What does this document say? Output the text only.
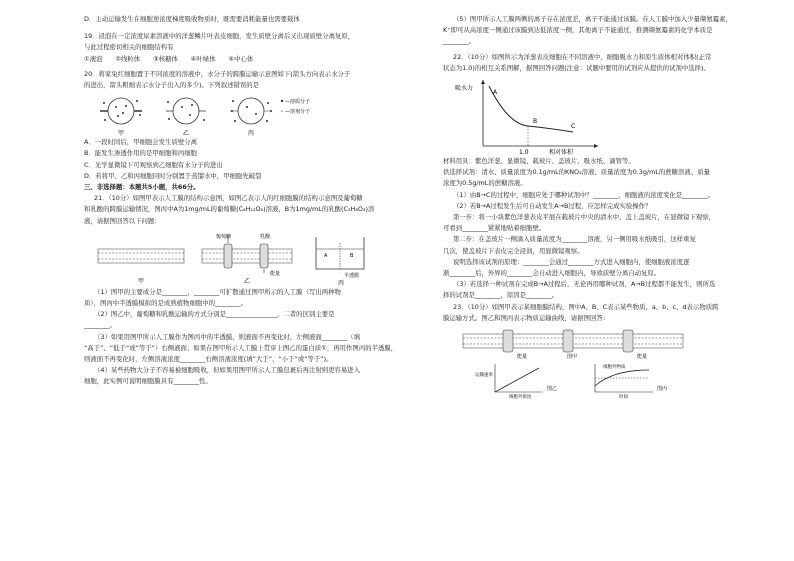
D．主动运输发生在细胞逆浓度梯度吸收物质时，既需要消耗能量也需要载体

19．浸泡在一定浓度尿素溶液中的洋葱鳞片叶表皮细胞，发生质壁分离后又出现质壁分离复原，

与此过程密切相关的细胞结构有

①液泡　　②线粒体　　③核糖体　　④叶绿体　　⑤中心体

20．将家兔红细胞置于不同浓度的溶液中，水分子的跨膜运输示意图如下(箭头方向表示水分子

的进出，箭头粗细表示水分子出入的多少)。下列叙述错误的是

甲	乙	丙
—溶质分子
—溶剂分子

A．一段时间后，甲细胞会发生质壁分离

B．能发生渗透作用的是甲细胞和丙细胞

C．光学显微镜下可观察到乙细胞有水分子的进出

D．若将甲、乙和丙细胞同时分别置于蒸馏水中，甲细胞先破裂

三、非选择题：本题共5小题，共66分。

21．（10分）如图甲表示人工膜的结构示意图，如图乙表示人的红细胞膜的结构示意图及葡萄糖

和乳酸的跨膜运输情况，图丙中A为1mg/mL的葡萄糖(C₆H₁₂O₆)溶液，B为1mg/mL的乳酸(C₃H₆O₃)溶

液，请据图回答以下问题：

甲
葡萄糖	乳酸
能量
乙
A	B
半透膜
丙

（1）图甲的主要成分是________，________可扩散通过图甲所示的人工膜（写出两种物

质），图丙中半透膜模拟的是成熟植物细胞中的________。

（2）图乙中，葡萄糖和乳酸运输的方式分别是________________，二者的区别主要是

________。

（3）如果用图甲所示人工膜作为图丙中的半透膜，则液面不再变化时，左侧液面________（填

“高于”、“低于”或“等于”）右侧液面；如果在图甲所示人工膜上贯穿上图乙的蛋白质①，再用作图丙的半透膜，

则液面不再变化时，左侧溶液浓度________右侧溶液浓度(填“大于”、“小于”或“等于”)。

（4）某些药物大分子不容易被细胞吸收，但如果用图甲所示人工膜包裹后再注射则更容易进入

细胞，此实例可说明细胞膜具有________性。

（5）图甲所示人工膜两侧的离子存在浓度差，离子不能通过该膜。在人工膜中加入少量缬氨霉素，

K⁺即可从高浓度一侧通过该膜到达低浓度一侧，其他离子不能通过，推测缬氨霉素的化学本质是

________。

22．（10分）如图所示为洋葱表皮细胞在不同溶液中，细胞吸水力和原生质体相对体积(正常

状态为1.0)的相互关系图解，据图回答问题(注意：试题中要用的试剂应从提供的试剂中选择)。

A
B
C
吸水力
1.0	相对体积

材料用具：紫色洋葱、显微镜、载玻片、盖玻片、吸水纸、滴管等。

供选择试剂：清水、质量浓度为0.1g/mL的KNO₃溶液、质量浓度为0.3g/mL的蔗糖溶液、质量

浓度为0.5g/mL的蔗糖溶液。

（1）由B→C的过程中，细胞应处于哪种试剂中？________，细胞液的浓度变化是________。

（2）若B→A过程发生后可自动发生A→B过程，应怎样完成实验操作？

第一步：将一小块紫色洋葱表皮平展在载玻片中央的清水中，盖上盖玻片，在显微镜下观察，

可看到________紧紧地贴着细胞壁。

第二步：在盖玻片一侧滴入质量浓度为________溶液，另一侧用吸水纸吸引，这样重复

几次，使盖玻片下表皮完全浸润，用显微镜观察。

说明选择该试剂的原理：________会通过________方式进入细胞内，使细胞液浓度逐

渐________后，外界的________会自动进入细胞内，导致质壁分离自动复原。

（3）若选择一种试剂在完成B→A过程后，无论再用哪种试剂，A→B过程都不能发生，则所选

择的试剂是________，原因是________。

23．（10分）如图甲表示某细胞膜结构，图中A、B、C表示某些物质，a、b、c、d表示物质跨

膜运输方式。图乙和图丙表示物质运输曲线，请据图回答：

能量	能量
图甲
运输速率
细胞外浓度
图乙
细胞外物质
时间
图丙
